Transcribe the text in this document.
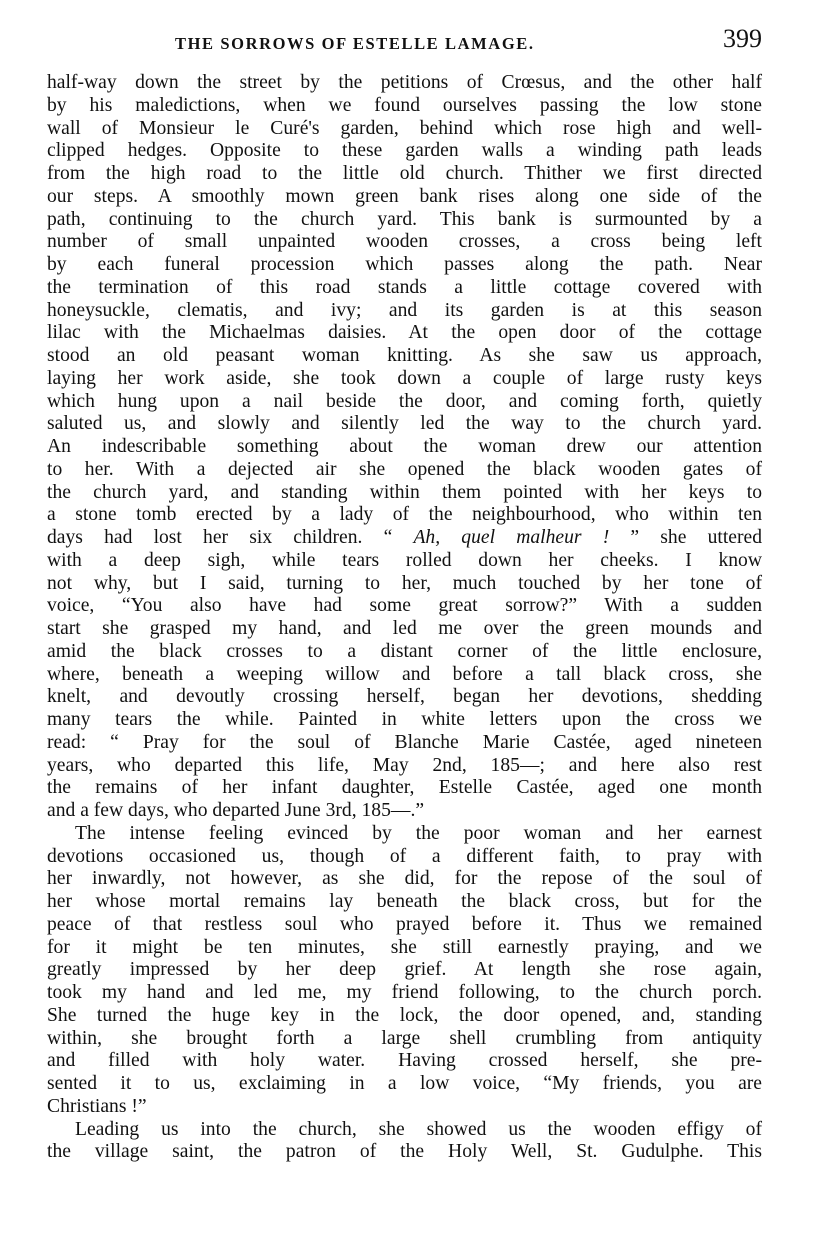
THE SORROWS OF ESTELLE LAMAGE.	399
half-way down the street by the petitions of Crœsus, and the other half
by his maledictions, when we found ourselves passing the low stone
wall of Monsieur le Curé's garden, behind which rose high and well-
clipped hedges. Opposite to these garden walls a winding path leads
from the high road to the little old church. Thither we first directed
our steps. A smoothly mown green bank rises along one side of the
path, continuing to the church yard. This bank is surmounted by a
number of small unpainted wooden crosses, a cross being left
by each funeral procession which passes along the path. Near
the termination of this road stands a little cottage covered with
honeysuckle, clematis, and ivy; and its garden is at this season
lilac with the Michaelmas daisies. At the open door of the cottage
stood an old peasant woman knitting. As she saw us approach,
laying her work aside, she took down a couple of large rusty keys
which hung upon a nail beside the door, and coming forth, quietly
saluted us, and slowly and silently led the way to the church yard.
An indescribable something about the woman drew our attention
to her. With a dejected air she opened the black wooden gates of
the church yard, and standing within them pointed with her keys to
a stone tomb erected by a lady of the neighbourhood, who within ten
days had lost her six children. “ Ah, quel malheur ! ” she uttered
with a deep sigh, while tears rolled down her cheeks. I know
not why, but I said, turning to her, much touched by her tone of
voice, “You also have had some great sorrow?” With a sudden
start she grasped my hand, and led me over the green mounds and
amid the black crosses to a distant corner of the little enclosure,
where, beneath a weeping willow and before a tall black cross, she
knelt, and devoutly crossing herself, began her devotions, shedding
many tears the while. Painted in white letters upon the cross we
read: “ Pray for the soul of Blanche Marie Castée, aged nineteen
years, who departed this life, May 2nd, 185—; and here also rest
the remains of her infant daughter, Estelle Castée, aged one month
and a few days, who departed June 3rd, 185—.”
The intense feeling evinced by the poor woman and her earnest
devotions occasioned us, though of a different faith, to pray with
her inwardly, not however, as she did, for the repose of the soul of
her whose mortal remains lay beneath the black cross, but for the
peace of that restless soul who prayed before it. Thus we remained
for it might be ten minutes, she still earnestly praying, and we
greatly impressed by her deep grief. At length she rose again,
took my hand and led me, my friend following, to the church porch.
She turned the huge key in the lock, the door opened, and, standing
within, she brought forth a large shell crumbling from antiquity
and filled with holy water. Having crossed herself, she pre-
sented it to us, exclaiming in a low voice, “My friends, you are
Christians !”
Leading us into the church, she showed us the wooden effigy of
the village saint, the patron of the Holy Well, St. Gudulphe. This
